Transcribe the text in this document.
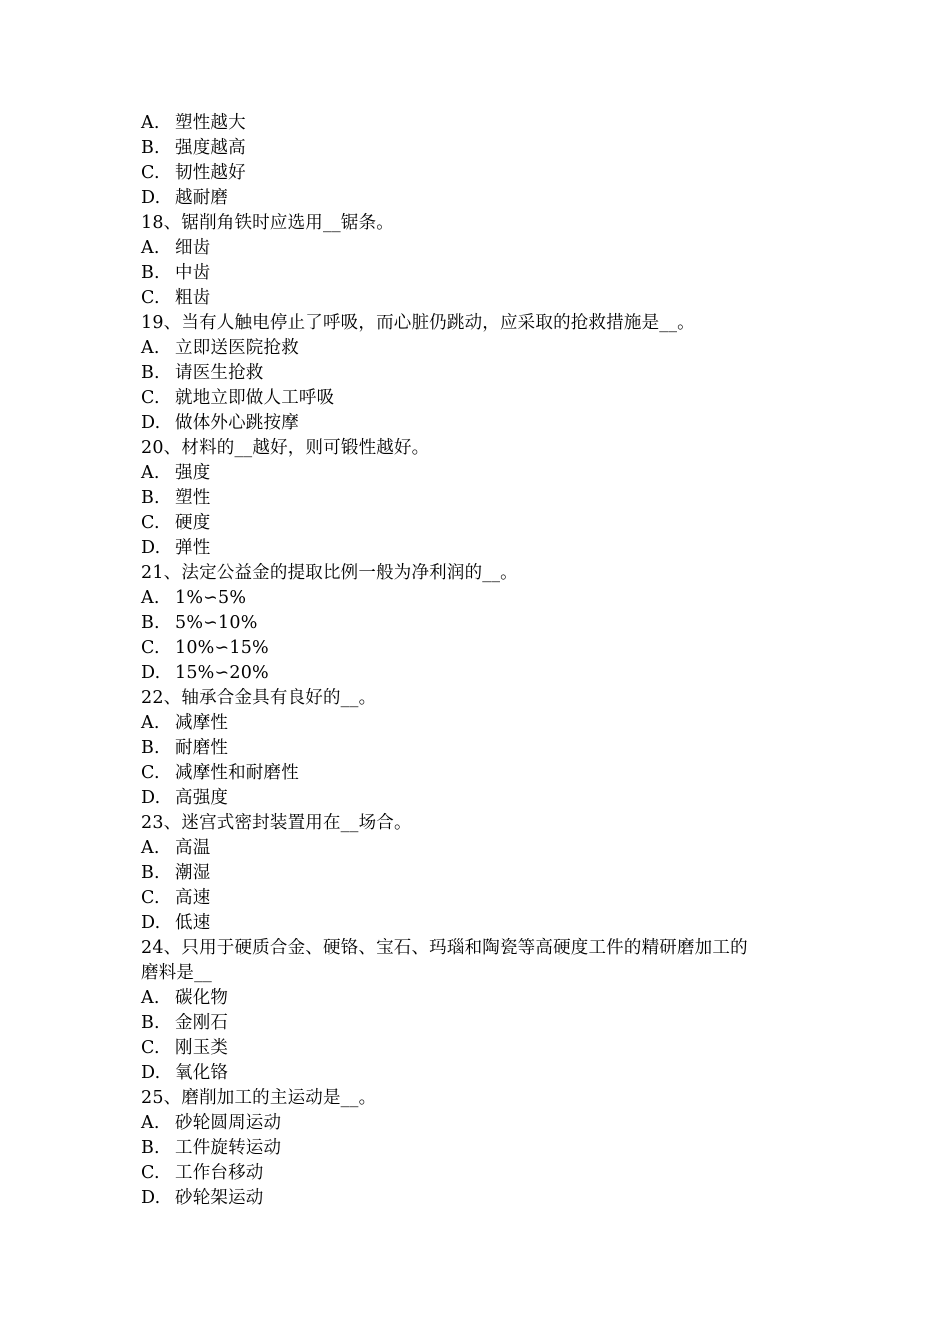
A. 塑性越大
B. 强度越高
C. 韧性越好
D. 越耐磨
18、锯削角铁时应选用__锯条。
A. 细齿
B. 中齿
C. 粗齿
19、当有人触电停止了呼吸，而心脏仍跳动，应采取的抢救措施是__。
A. 立即送医院抢救
B. 请医生抢救
C. 就地立即做人工呼吸
D. 做体外心跳按摩
20、材料的__越好，则可锻性越好。
A. 强度
B. 塑性
C. 硬度
D. 弹性
21、法定公益金的提取比例一般为净利润的__。
A. 1%∽5%
B. 5%∽10%
C. 10%∽15%
D. 15%∽20%
22、轴承合金具有良好的__。
A. 减摩性
B. 耐磨性
C. 减摩性和耐磨性
D. 高强度
23、迷宫式密封装置用在__场合。
A. 高温
B. 潮湿
C. 高速
D. 低速
24、只用于硬质合金、硬铬、宝石、玛瑙和陶瓷等高硬度工件的精研磨加工的
磨料是__
A. 碳化物
B. 金刚石
C. 刚玉类
D. 氧化铬
25、磨削加工的主运动是__。
A. 砂轮圆周运动
B. 工件旋转运动
C. 工作台移动
D. 砂轮架运动
